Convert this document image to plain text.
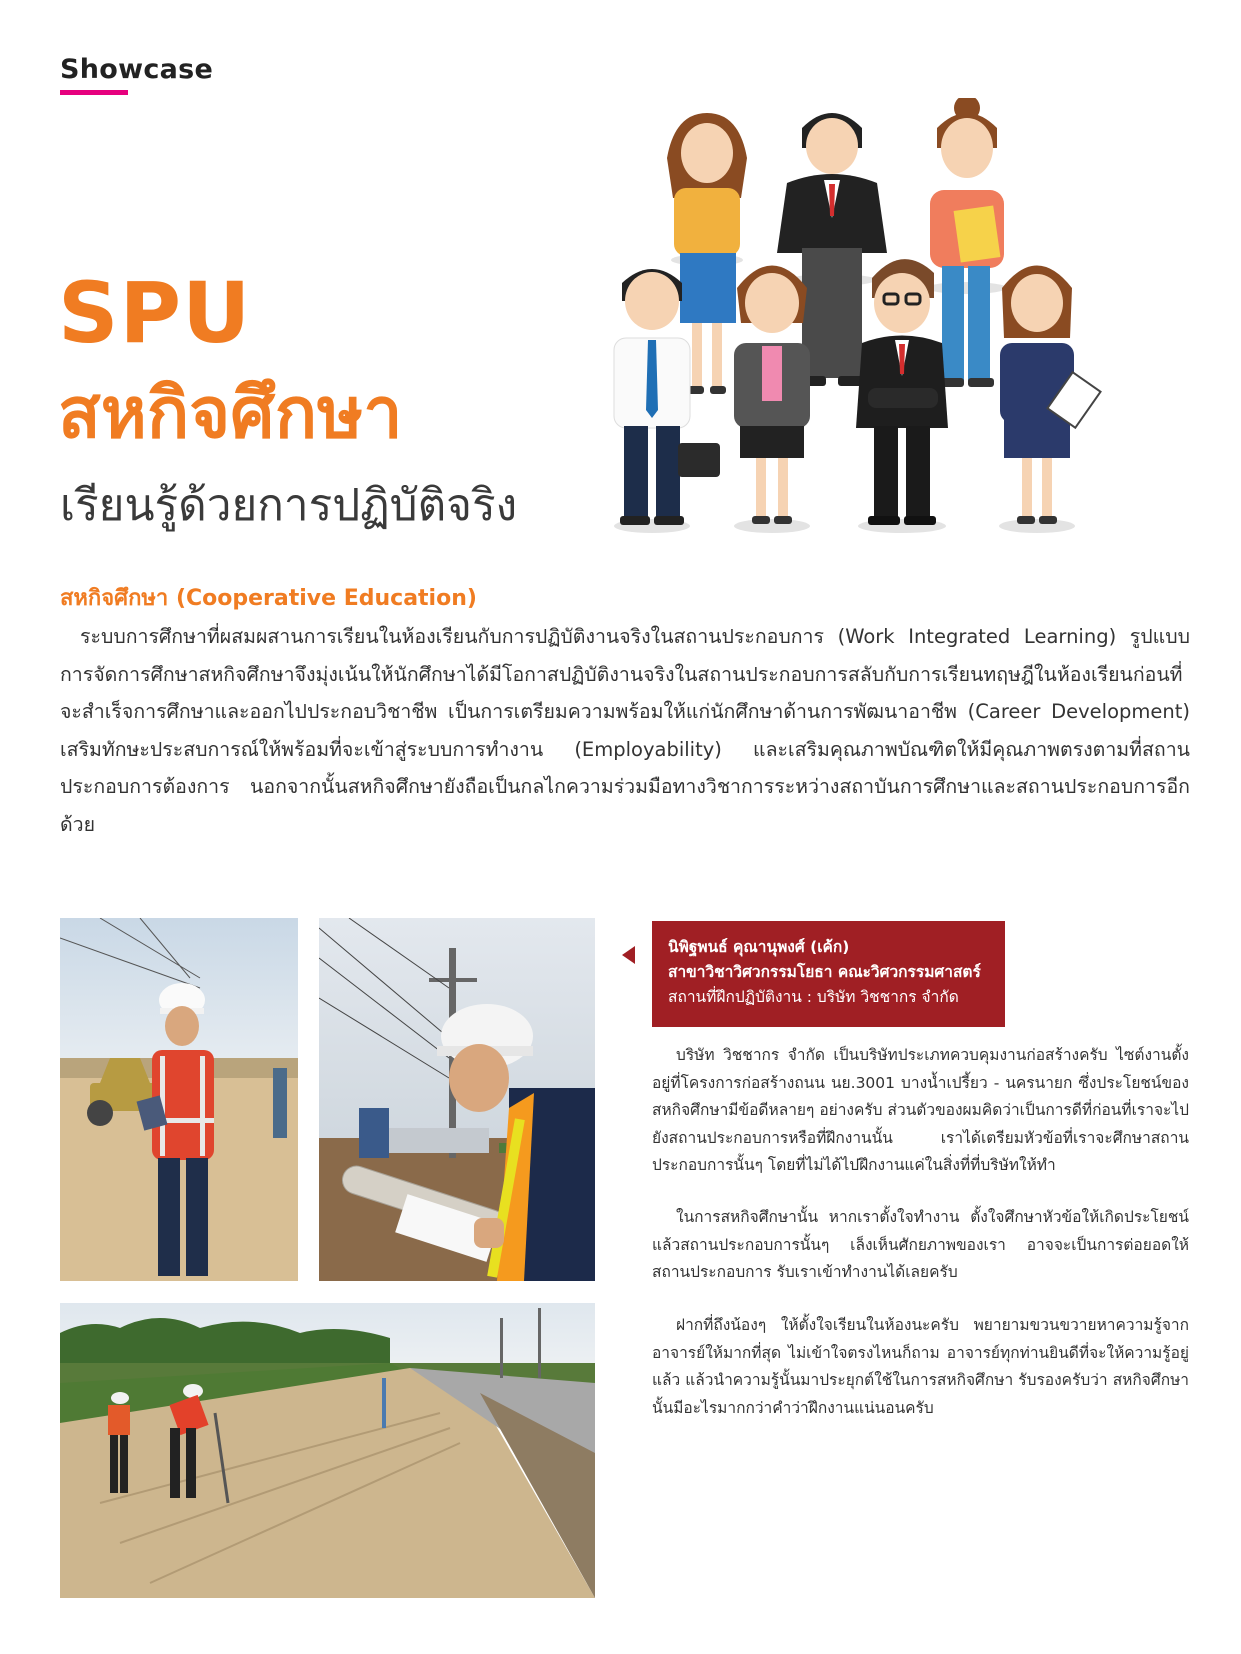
Showcase
SPU
สหกิจศึกษา
เรียนรู้ด้วยการปฏิบัติจริง
สหกิจศึกษา (Cooperative Education)
ระบบการศึกษาที่ผสมผสานการเรียนในห้องเรียนกับการปฏิบัติงานจริงในสถานประกอบการ (Work Integrated Learning) รูปแบบการจัดการศึกษาสหกิจศึกษาจึงมุ่งเน้นให้นักศึกษาได้มีโอกาสปฏิบัติงานจริงในสถานประกอบการสลับกับการเรียนทฤษฎีในห้องเรียนก่อนที่จะสำเร็จการศึกษาและออกไปประกอบวิชาชีพ เป็นการเตรียมความพร้อมให้แก่นักศึกษาด้านการพัฒนาอาชีพ (Career Development) เสริมทักษะประสบการณ์ให้พร้อมที่จะเข้าสู่ระบบการทำงาน (Employability) และเสริมคุณภาพบัณฑิตให้มีคุณภาพตรงตามที่สถานประกอบการต้องการ นอกจากนั้นสหกิจศึกษายังถือเป็นกลไกความร่วมมือทางวิชาการระหว่างสถาบันการศึกษาและสถานประกอบการอีกด้วย
นิพิฐพนธ์ คุณานุพงศ์ (เค้ก)
สาขาวิชาวิศวกรรมโยธา คณะวิศวกรรมศาสตร์
สถานที่ฝึกปฏิบัติงาน : บริษัท วิชชากร จำกัด
บริษัท วิชชากร จำกัด เป็นบริษัทประเภทควบคุมงานก่อสร้างครับ ไซต์งานตั้งอยู่ที่โครงการก่อสร้างถนน นย.3001 บางน้ำเปรี้ยว - นครนายก ซึ่งประโยชน์ของสหกิจศึกษามีข้อดีหลายๆ อย่างครับ ส่วนตัวของผมคิดว่าเป็นการดีที่ก่อนที่เราจะไปยังสถานประกอบการหรือที่ฝึกงานนั้น เราได้เตรียมหัวข้อที่เราจะศึกษาสถานประกอบการนั้นๆ โดยที่ไม่ได้ไปฝึกงานแค่ในสิ่งที่ที่บริษัทให้ทำ
ในการสหกิจศึกษานั้น หากเราตั้งใจทำงาน ตั้งใจศึกษาหัวข้อให้เกิดประโยชน์ แล้วสถานประกอบการนั้นๆ เล็งเห็นศักยภาพของเรา อาจจะเป็นการต่อยอดให้สถานประกอบการ รับเราเข้าทำงานได้เลยครับ
ฝากที่ถึงน้องๆ ให้ตั้งใจเรียนในห้องนะครับ พยายามขวนขวายหาความรู้จากอาจารย์ให้มากที่สุด ไม่เข้าใจตรงไหนก็ถาม อาจารย์ทุกท่านยินดีที่จะให้ความรู้อยู่แล้ว แล้วนำความรู้นั้นมาประยุกต์ใช้ในการสหกิจศึกษา รับรองครับว่า สหกิจศึกษานั้นมีอะไรมากกว่าคำว่าฝึกงานแน่นอนครับ
